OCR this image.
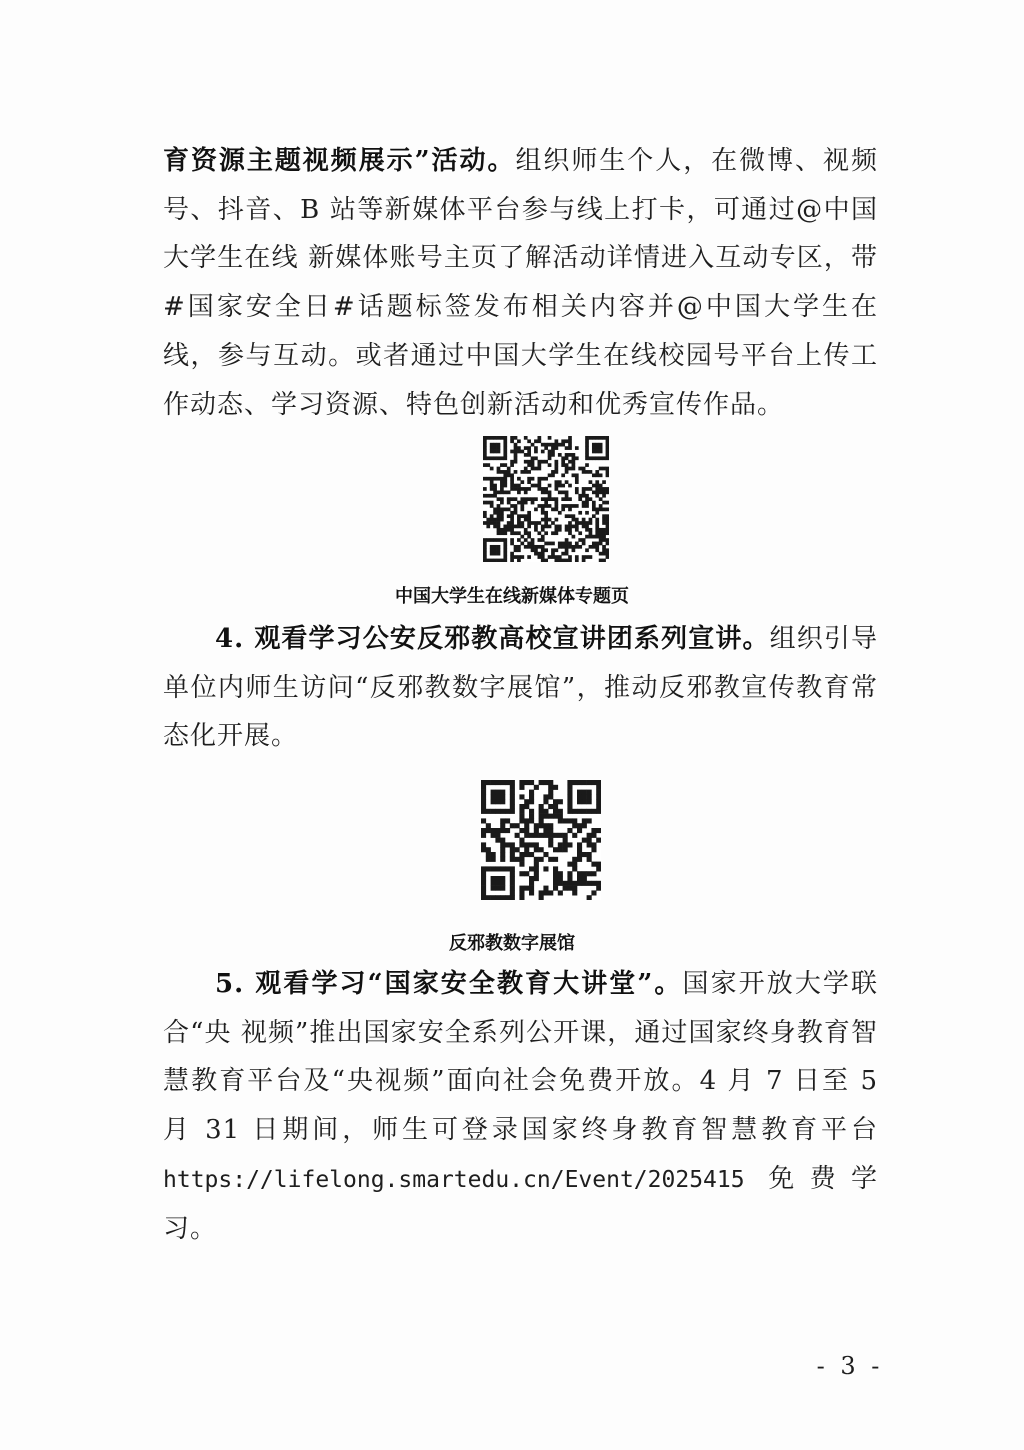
育资源主题视频展示”活动。组织师生个人，在微博、视频号、抖音、B 站等新媒体平台参与线上打卡，可通过@中国大学生在线 新媒体账号主页了解活动详情进入互动专区，带#国家安全日#话题标签发布相关内容并@中国大学生在线，参与互动。或者通过中国大学生在线校园号平台上传工作动态、学习资源、特色创新活动和优秀宣传作品。
中国大学生在线新媒体专题页
4. 观看学习公安反邪教高校宣讲团系列宣讲。组织引导单位内师生访问“反邪教数字展馆”，推动反邪教宣传教育常态化开展。
反邪教数字展馆
5. 观看学习“国家安全教育大讲堂”。国家开放大学联合“央 视频”推出国家安全系列公开课，通过国家终身教育智慧教育平台及“央视频”面向社会免费开放。4 月 7 日至 5 月 31 日期间，师生可登录国家终身教育智慧教育平台 https://lifelong.smartedu.cn/Event/2025415 免费学习。
- 3 -
